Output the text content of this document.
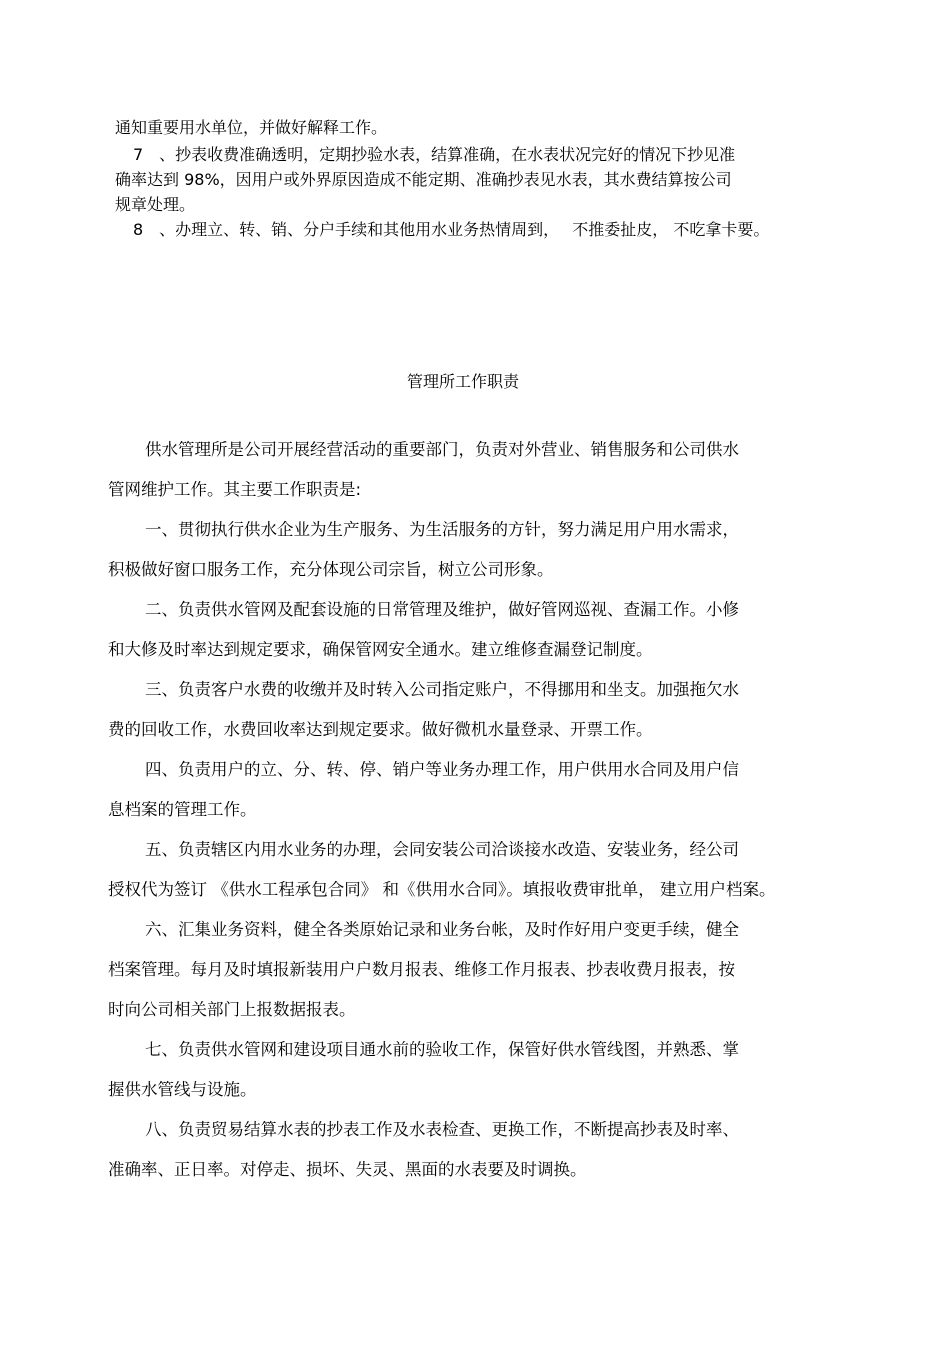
通知重要用水单位，并做好解释工作。
7　、抄表收费准确透明，定期抄验水表，结算准确，在水表状况完好的情况下抄见准
确率达到 98%，因用户或外界原因造成不能定期、准确抄表见水表，其水费结算按公司
规章处理。
8　、办理立、转、销、分户手续和其他用水业务热情周到，　 不推委扯皮， 不吃拿卡要。
管理所工作职责
供水管理所是公司开展经营活动的重要部门，负责对外营业、销售服务和公司供水
管网维护工作。其主要工作职责是:
一、贯彻执行供水企业为生产服务、为生活服务的方针，努力满足用户用水需求，
积极做好窗口服务工作，充分体现公司宗旨，树立公司形象。
二、负责供水管网及配套设施的日常管理及维护，做好管网巡视、查漏工作。小修
和大修及时率达到规定要求，确保管网安全通水。建立维修查漏登记制度。
三、负责客户水费的收缴并及时转入公司指定账户，不得挪用和坐支。加强拖欠水
费的回收工作，水费回收率达到规定要求。做好微机水量登录、开票工作。
四、负责用户的立、分、转、停、销户等业务办理工作，用户供用水合同及用户信
息档案的管理工作。
五、负责辖区内用水业务的办理，会同安装公司洽谈接水改造、安装业务，经公司
授权代为签订 《供水工程承包合同》 和《供用水合同》。填报收费审批单， 建立用户档案。
六、汇集业务资料，健全各类原始记录和业务台帐，及时作好用户变更手续，健全
档案管理。每月及时填报新装用户户数月报表、维修工作月报表、抄表收费月报表，按
时向公司相关部门上报数据报表。
七、负责供水管网和建设项目通水前的验收工作，保管好供水管线图，并熟悉、掌
握供水管线与设施。
八、负责贸易结算水表的抄表工作及水表检查、更换工作，不断提高抄表及时率、
准确率、正日率。对停走、损坏、失灵、黑面的水表要及时调换。
